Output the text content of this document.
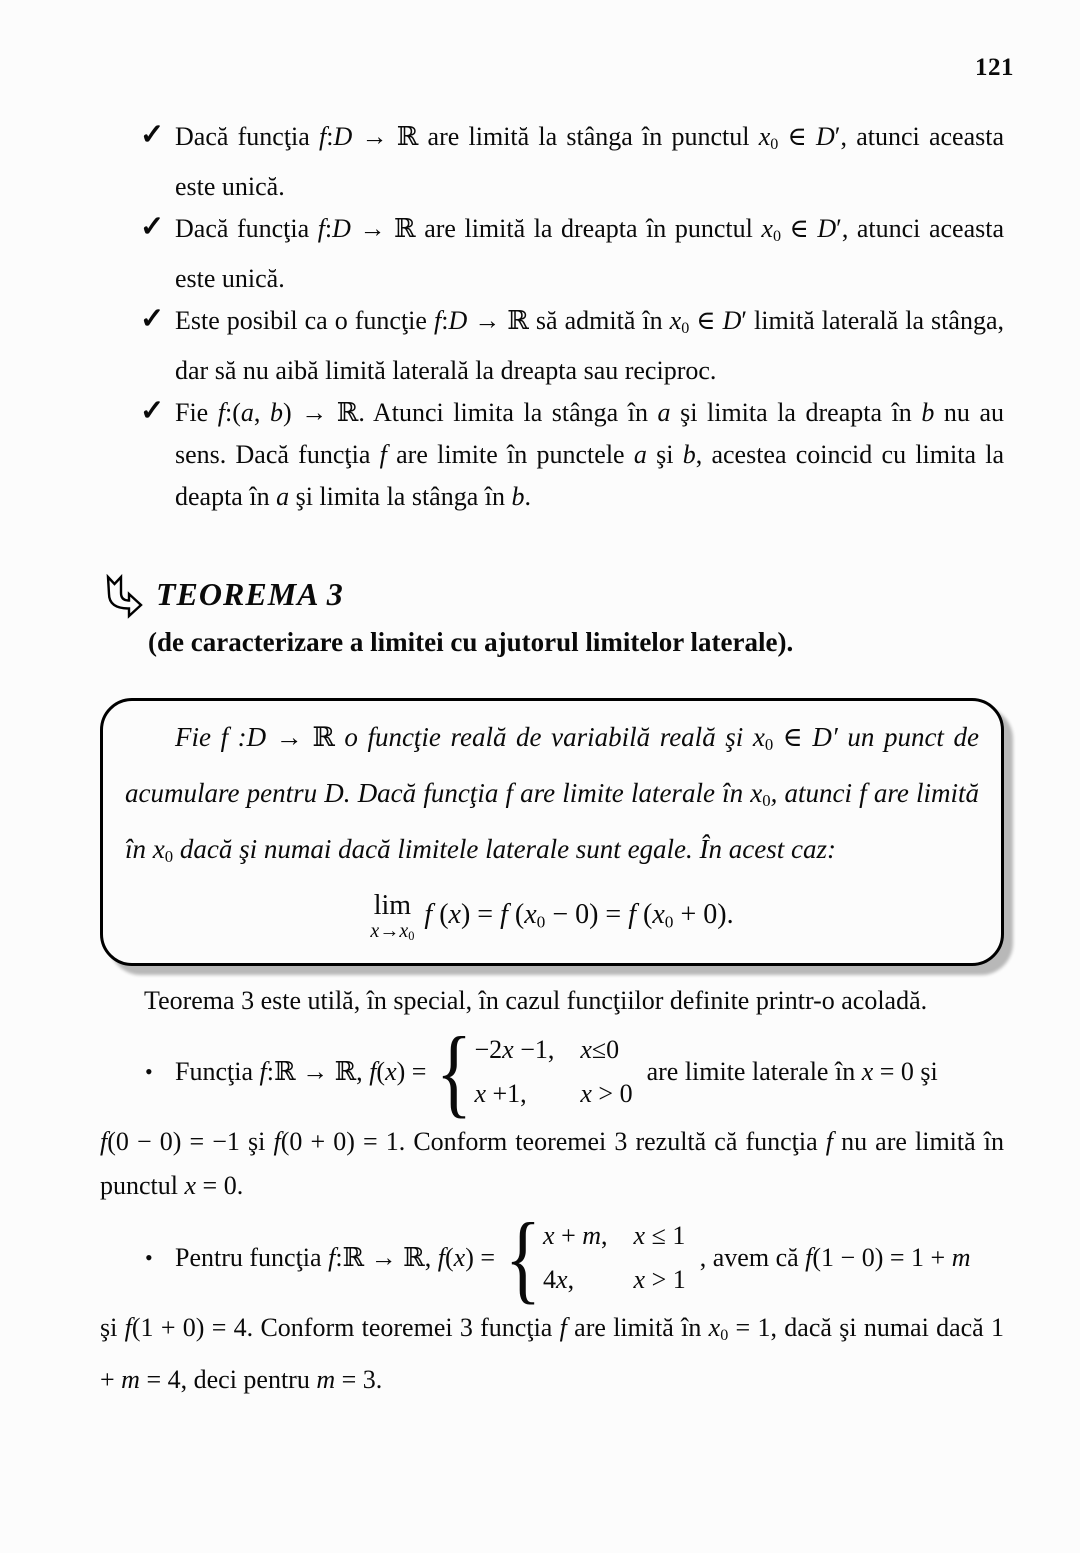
121
✓ Dacă funcţia f:D → ℝ are limită la stânga în punctul x0 ∈ D′, atunci aceasta este unică.
✓ Dacă funcţia f:D → ℝ are limită la dreapta în punctul x0 ∈ D′, atunci aceasta este unică.
✓ Este posibil ca o funcţie f:D → ℝ să admită în x0 ∈ D′ limită laterală la stânga, dar să nu aibă limită laterală la dreapta sau reciproc.
✓ Fie f:(a, b) → ℝ. Atunci limita la stânga în a şi limita la dreapta în b nu au sens. Dacă funcţia f are limite în punctele a şi b, acestea coincid cu limita la deapta în a şi limita la stânga în b.
TEOREMA 3
(de caracterizare a limitei cu ajutorul limitelor laterale).
Fie f :D → ℝ o funcţie reală de variabilă reală şi x0 ∈ D′ un punct de acumulare pentru D. Dacă funcţia f are limite laterale în x0, atunci f are limită în x0 dacă şi numai dacă limitele laterale sunt egale. În acest caz:
lim
x→x0
f (x) = f (x0 − 0) = f (x0 + 0).

Teorema 3 este utilă, în special, în cazul funcţiilor definite printr-o acoladă.

• Funcţia f:ℝ → ℝ, f(x) = { −2x −1, x≤0
x +1,	x > 0
are limite laterale în x = 0 şi

f(0 − 0) = −1 şi f(0 + 0) = 1. Conform teoremei 3 rezultă că funcţia f nu are limită în punctul x = 0.

• Pentru funcţia f:ℝ → ℝ, f(x) = { x + m, x ≤ 1
4x,	x > 1
, avem că f(1 − 0) = 1 + m

şi f(1 + 0) = 4. Conform teoremei 3 funcţia f are limită în x0 = 1, dacă şi numai dacă 1 + m = 4, deci pentru m = 3.
